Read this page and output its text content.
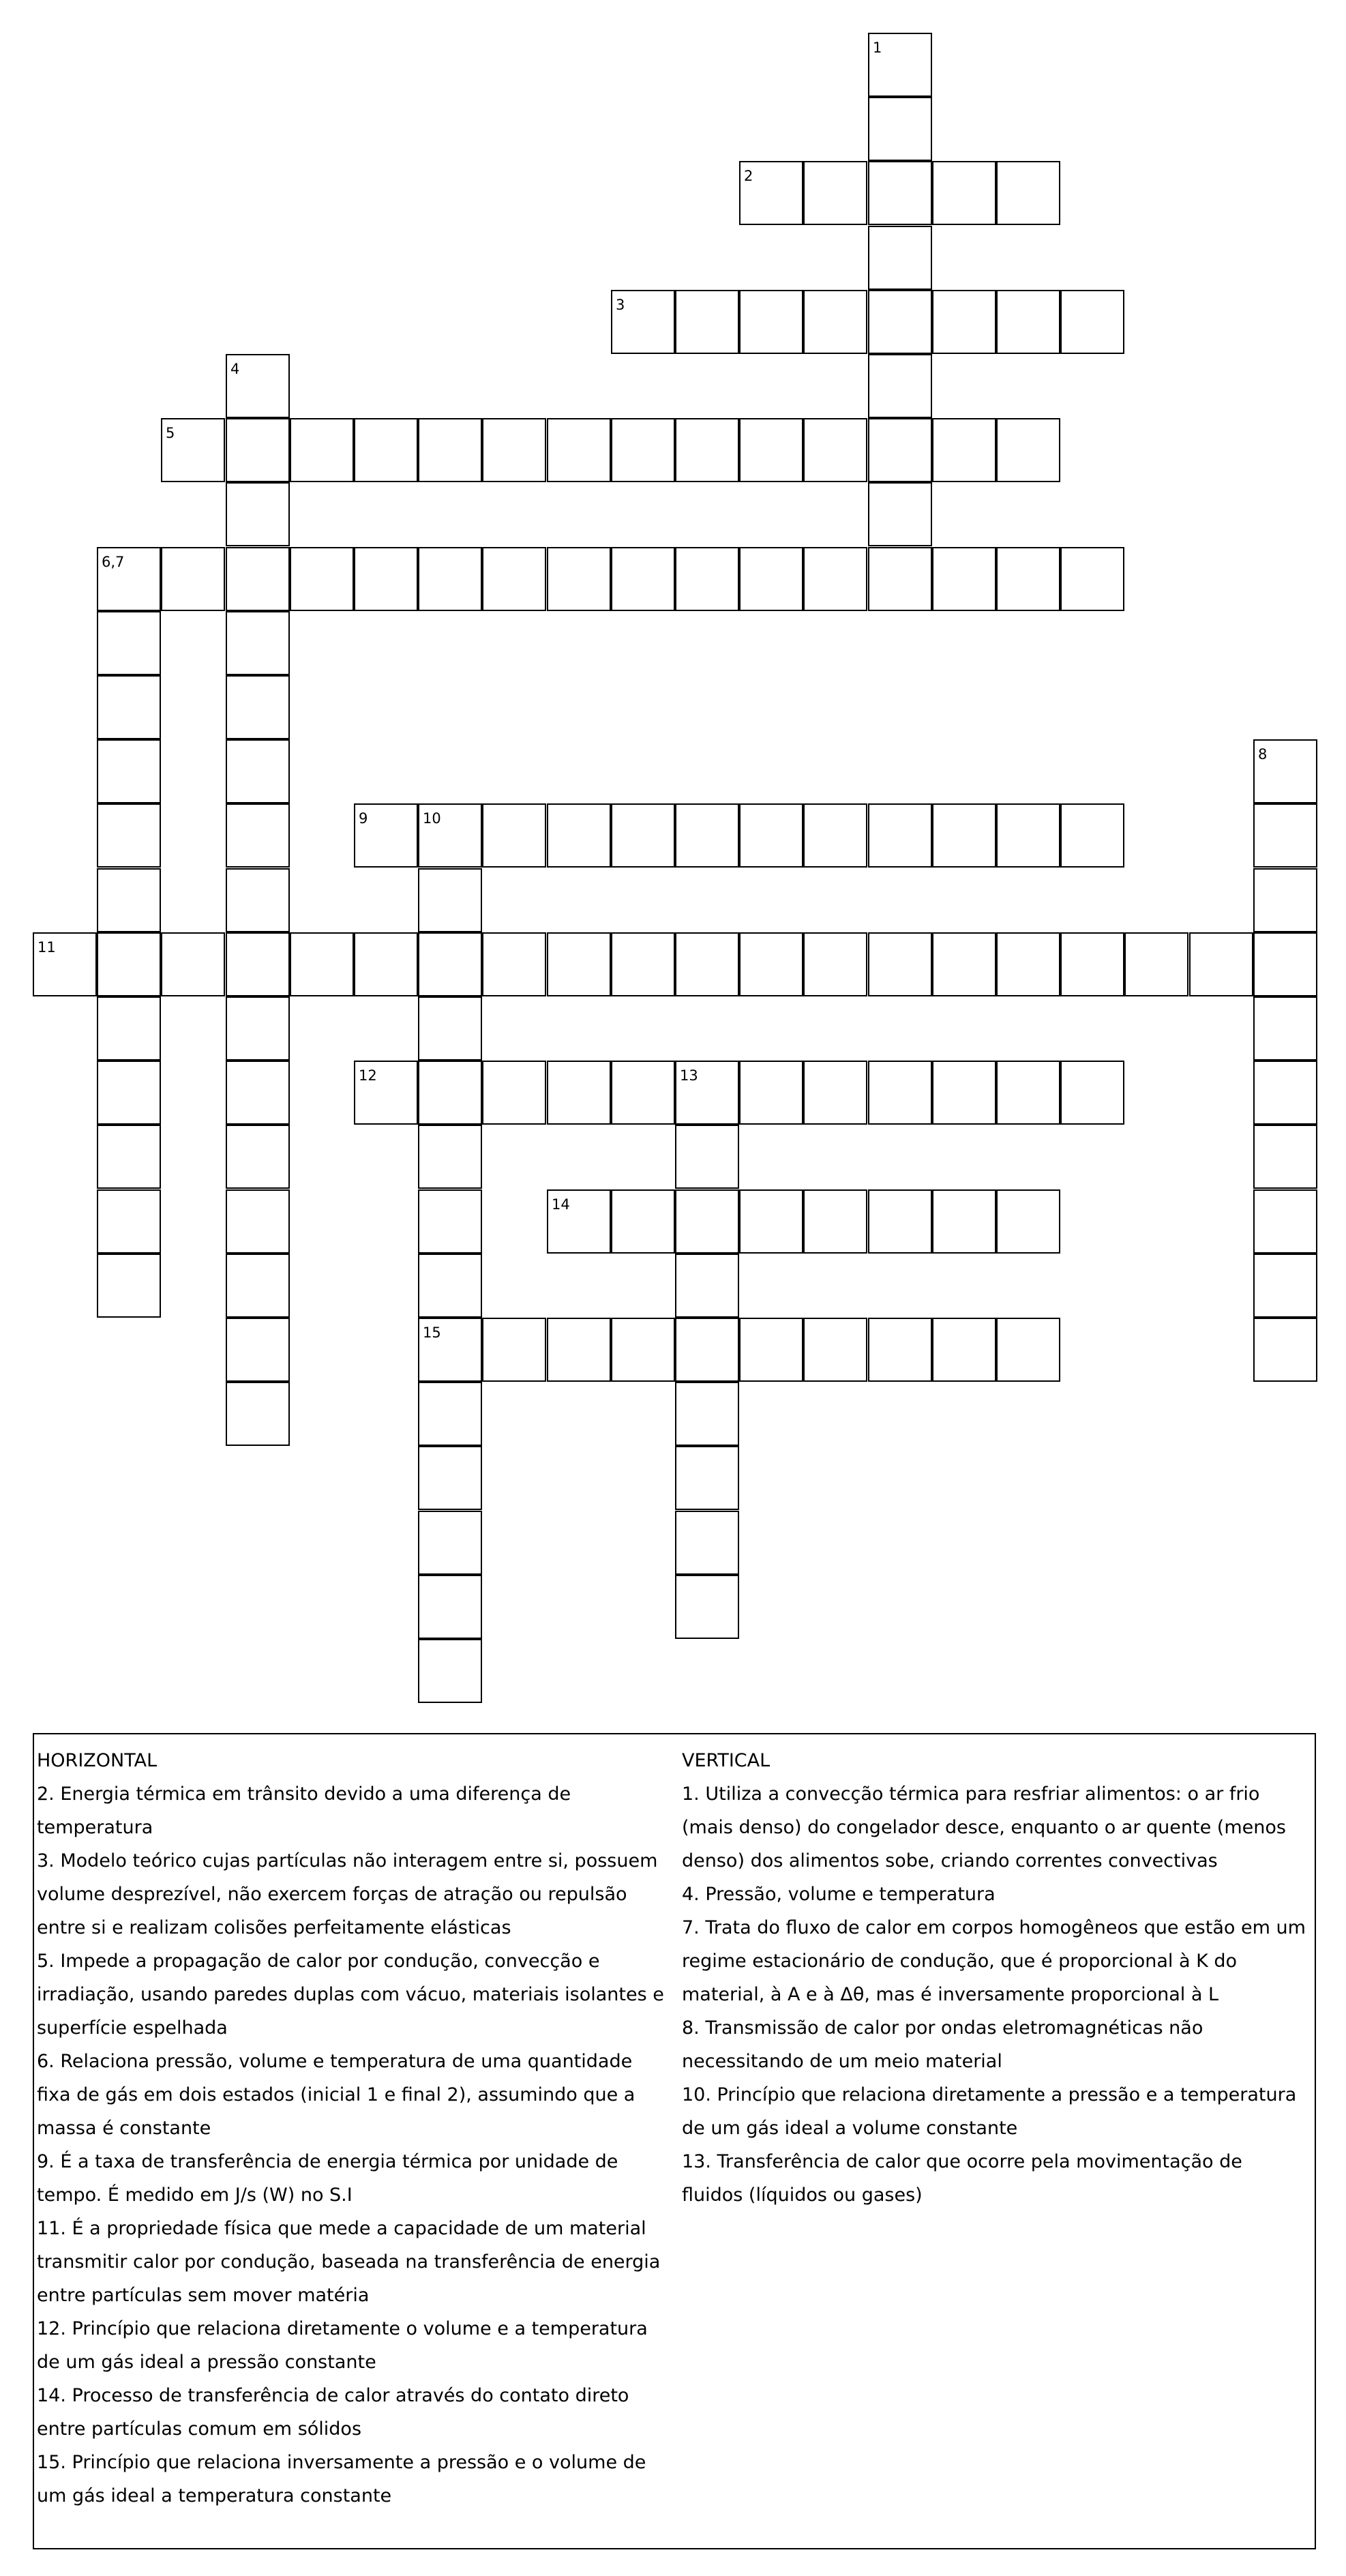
1
2
3
4
5
6,7
8
9	10
11
12	13
14
15
HORIZONTAL
2. Energia térmica em trânsito devido a uma diferença de temperatura
3. Modelo teórico cujas partículas não interagem entre si, possuem volume desprezível, não exercem forças de atração ou repulsão entre si e realizam colisões perfeitamente elásticas
5. Impede a propagação de calor por condução, convecção e irradiação, usando paredes duplas com vácuo, materiais isolantes e superfície espelhada
6. Relaciona pressão, volume e temperatura de uma quantidade fixa de gás em dois estados (inicial 1 e final 2), assumindo que a massa é constante
9. É a taxa de transferência de energia térmica por unidade de tempo. É medido em J/s (W) no S.I
11. É a propriedade física que mede a capacidade de um material transmitir calor por condução, baseada na transferência de energia entre partículas sem mover matéria
12. Princípio que relaciona diretamente o volume e a temperatura de um gás ideal a pressão constante
14. Processo de transferência de calor através do contato direto entre partículas comum em sólidos
15. Princípio que relaciona inversamente a pressão e o volume de um gás ideal a temperatura constante
VERTICAL
1. Utiliza a convecção térmica para resfriar alimentos: o ar frio (mais denso) do congelador desce, enquanto o ar quente (menos denso) dos alimentos sobe, criando correntes convectivas
4. Pressão, volume e temperatura
7. Trata do fluxo de calor em corpos homogêneos que estão em um regime estacionário de condução, que é proporcional à K do material, à A e à Δθ, mas é inversamente proporcional à L
8. Transmissão de calor por ondas eletromagnéticas não necessitando de um meio material
10. Princípio que relaciona diretamente a pressão e a temperatura de um gás ideal a volume constante
13. Transferência de calor que ocorre pela movimentação de fluidos (líquidos ou gases)
